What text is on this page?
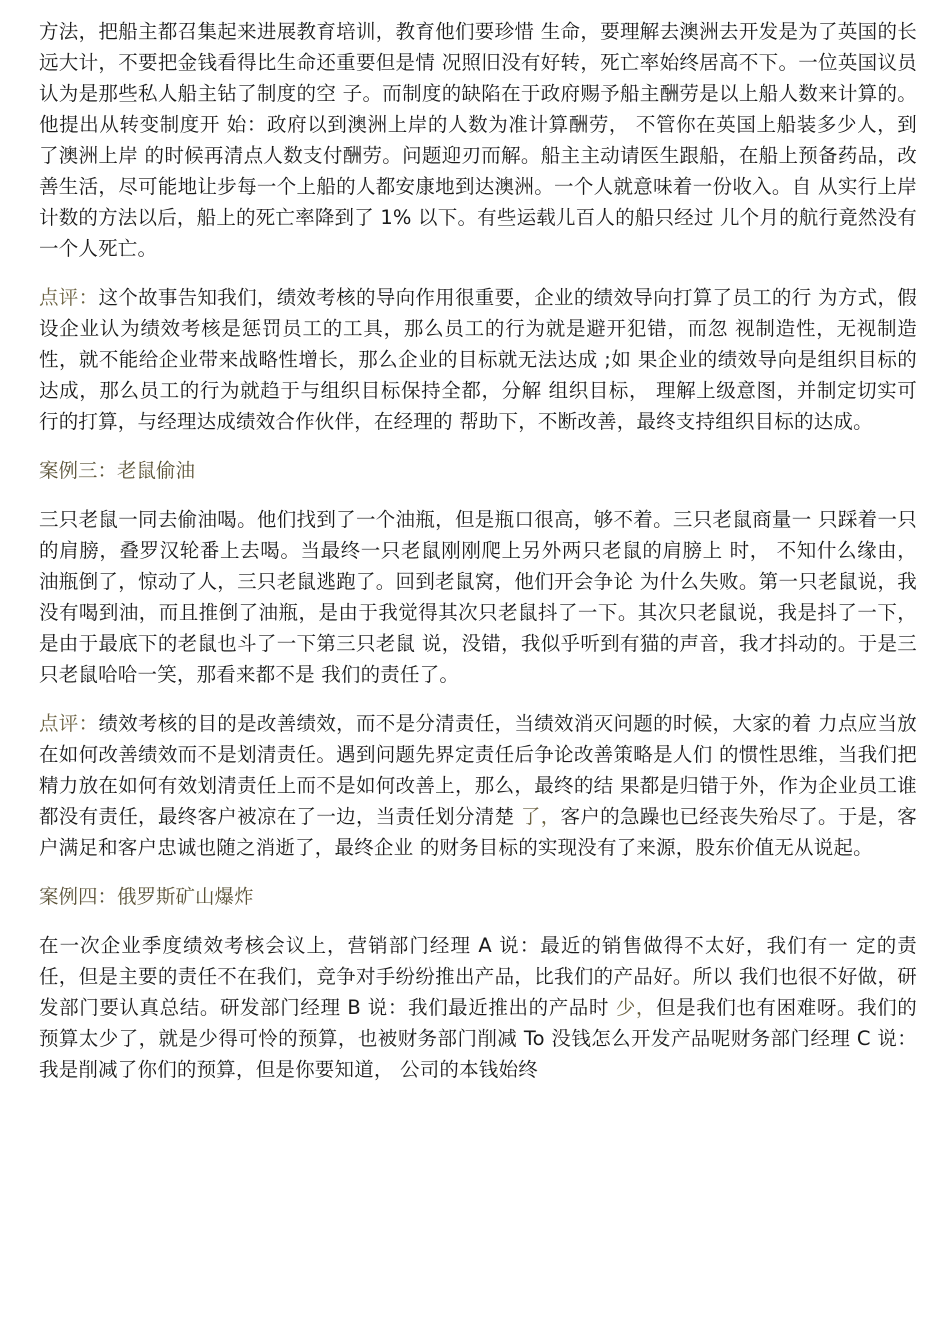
方法，把船主都召集起来进展教育培训，教育他们要珍惜 生命，要理解去澳洲去开发是为了英国的长远大计，不要把金钱看得比生命还重要但是情 况照旧没有好转，死亡率始终居高不下。一位英国议员认为是那些私人船主钻了制度的空 子。而制度的缺陷在于政府赐予船主酬劳是以上船人数来计算的。他提出从转变制度开 始：政府以到澳洲上岸的人数为准计算酬劳， 不管你在英国上船装多少人，到了澳洲上岸 的时候再清点人数支付酬劳。问题迎刃而解。船主主动请医生跟船，在船上预备药品，改 善生活，尽可能地让步每一个上船的人都安康地到达澳洲。一个人就意味着一份收入。自 从实行上岸计数的方法以后，船上的死亡率降到了 1% 以下。有些运载儿百人的船只经过 儿个月的航行竟然没有一个人死亡。

点评：这个故事告知我们，绩效考核的导向作用很重要，企业的绩效导向打算了员工的行 为方式，假设企业认为绩效考核是惩罚员工的工具，那么员工的行为就是避开犯错，而忽 视制造性，无视制造性，就不能给企业带来战略性增长，那么企业的目标就无法达成 ;如 果企业的绩效导向是组织目标的达成，那么员工的行为就趋于与组织目标保持全都，分解 组织目标， 理解上级意图，并制定切实可行的打算，与经理达成绩效合作伙伴，在经理的 帮助下，不断改善，最终支持组织目标的达成。

案例三：老鼠偷油

三只老鼠一同去偷油喝。他们找到了一个油瓶，但是瓶口很高，够不着。三只老鼠商量一 只踩着一只的肩膀，叠罗汉轮番上去喝。当最终一只老鼠刚刚爬上另外两只老鼠的肩膀上 时， 不知什么缘由，油瓶倒了，惊动了人，三只老鼠逃跑了。回到老鼠窝，他们开会争论 为什么失败。第一只老鼠说，我没有喝到油，而且推倒了油瓶，是由于我觉得其次只老鼠抖了一下。其次只老鼠说，我是抖了一下，是由于最底下的老鼠也斗了一下第三只老鼠 说，没错，我似乎听到有猫的声音，我才抖动的。于是三只老鼠哈哈一笑，那看来都不是 我们的责任了。

点评：绩效考核的目的是改善绩效，而不是分清责任，当绩效消灭问题的时候，大家的着 力点应当放在如何改善绩效而不是划清责任。遇到问题先界定责任后争论改善策略是人们 的惯性思维，当我们把精力放在如何有效划清责任上而不是如何改善上，那么，最终的结 果都是归错于外，作为企业员工谁都没有责任，最终客户被凉在了一边，当责任划分清楚 了，客户的急躁也已经丧失殆尽了。于是，客户满足和客户忠诚也随之消逝了，最终企业 的财务目标的实现没有了来源，股东价值无从说起。

案例四：俄罗斯矿山爆炸

在一次企业季度绩效考核会议上，营销部门经理 A 说：最近的销售做得不太好，我们有一 定的责任，但是主要的责任不在我们，竞争对手纷纷推出产品，比我们的产品好。所以 我们也很不好做，研发部门要认真总结。研发部门经理 B 说：我们最近推出的产品时 少，但是我们也有困难呀。我们的预算太少了，就是少得可怜的预算，也被财务部门削减 To 没钱怎么开发产品呢财务部门经理 C 说：我是削减了你们的预算，但是你要知道， 公司的本钱始终
